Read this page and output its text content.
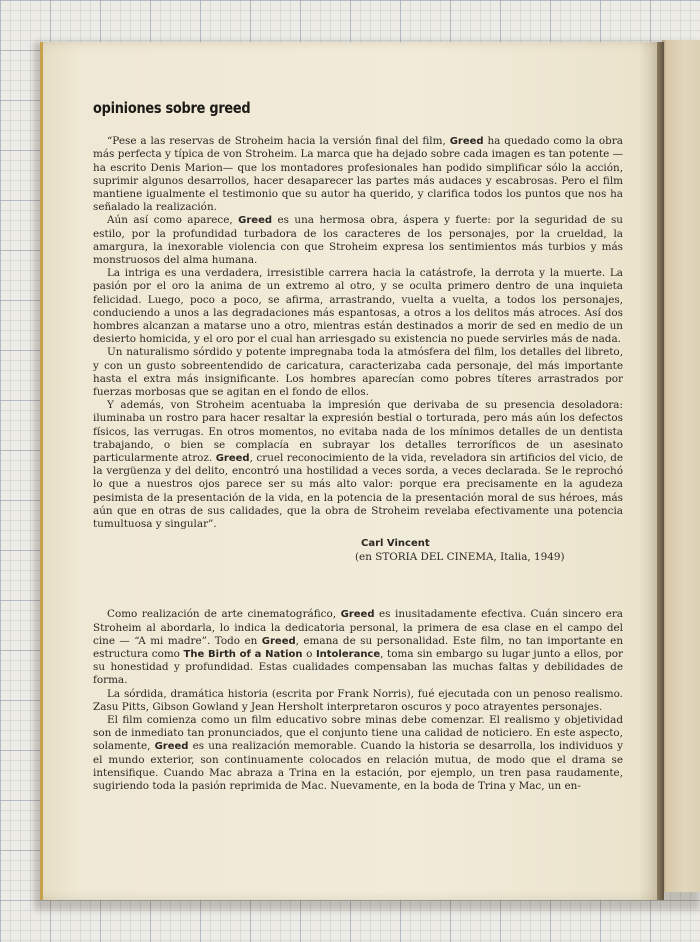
opiniones sobre greed

“Pese a las reservas de Stroheim hacia la versión final del film, Greed ha quedado como la obra más perfecta y típica de von Stroheim. La marca que ha dejado sobre cada imagen es tan potente —ha escrito Denis Marion— que los montadores profesionales han podido simplificar sólo la acción, suprimir algunos desarrollos, hacer desaparecer las partes más audaces y escabrosas. Pero el film mantiene igualmente el testimonio que su autor ha querido, y clarifica todos los puntos que nos ha señalado la realización.

Aún así como aparece, Greed es una hermosa obra, áspera y fuerte: por la seguridad de su estilo, por la profundidad turbadora de los caracteres de los personajes, por la crueldad, la amargura, la inexorable violencia con que Stroheim expresa los sentimientos más turbios y más monstruosos del alma humana.

La intriga es una verdadera, irresistible carrera hacia la catástrofe, la derrota y la muerte. La pasión por el oro la anima de un extremo al otro, y se oculta primero dentro de una inquieta felicidad. Luego, poco a poco, se afirma, arrastrando, vuelta a vuelta, a todos los personajes, conduciendo a unos a las degradaciones más espantosas, a otros a los delitos más atroces. Así dos hombres alcanzan a matarse uno a otro, mientras están destinados a morir de sed en medio de un desierto homicida, y el oro por el cual han arriesgado su existencia no puede servirles más de nada.

Un naturalismo sórdido y potente impregnaba toda la atmósfera del film, los detalles del libreto, y con un gusto sobreentendido de caricatura, caracterizaba cada personaje, del más importante hasta el extra más insignificante. Los hombres aparecían como pobres títeres arrastrados por fuerzas morbosas que se agitan en el fondo de ellos.

Y además, von Stroheim acentuaba la impresión que derivaba de su presencia desoladora: iluminaba un rostro para hacer resaltar la expresión bestial o torturada, pero más aún los defectos físicos, las verrugas. En otros momentos, no evitaba nada de los mínimos detalles de un dentista trabajando, o bien se complacía en subrayar los detalles terroríficos de un asesinato particularmente atroz. Greed, cruel reconocimiento de la vida, reveladora sin artificios del vicio, de la vergüenza y del delito, encontró una hostilidad a veces sorda, a veces declarada. Se le reprochó lo que a nuestros ojos parece ser su más alto valor: porque era precisamente en la agudeza pesimista de la presentación de la vida, en la potencia de la presentación moral de sus héroes, más aún que en otras de sus calidades, que la obra de Stroheim revelaba efectivamente una potencia tumultuosa y singular”.

Carl Vincent
(en STORIA DEL CINEMA, Italia, 1949)

Como realización de arte cinematográfico, Greed es inusitadamente efectiva. Cuán sincero era Stroheim al abordarla, lo indica la dedicatoria personal, la primera de esa clase en el campo del cine — “A mi madre”. Todo en Greed, emana de su personalidad. Este film, no tan importante en estructura como The Birth of a Nation o Intolerance, toma sin embargo su lugar junto a ellos, por su honestidad y profundidad. Estas cualidades compensaban las muchas faltas y debilidades de forma.

La sórdida, dramática historia (escrita por Frank Norris), fué ejecutada con un penoso realismo. Zasu Pitts, Gibson Gowland y Jean Hersholt interpretaron oscuros y poco atrayentes personajes.

El film comienza como un film educativo sobre minas debe comenzar. El realismo y objetividad son de inmediato tan pronunciados, que el conjunto tiene una calidad de noticiero. En este aspecto, solamente, Greed es una realización memorable. Cuando la historia se desarrolla, los individuos y el mundo exterior, son continuamente colocados en relación mutua, de modo que el drama se intensifique. Cuando Mac abraza a Trina en la estación, por ejemplo, un tren pasa raudamente, sugiriendo toda la pasión reprimida de Mac. Nuevamente, en la boda de Trina y Mac, un en-
